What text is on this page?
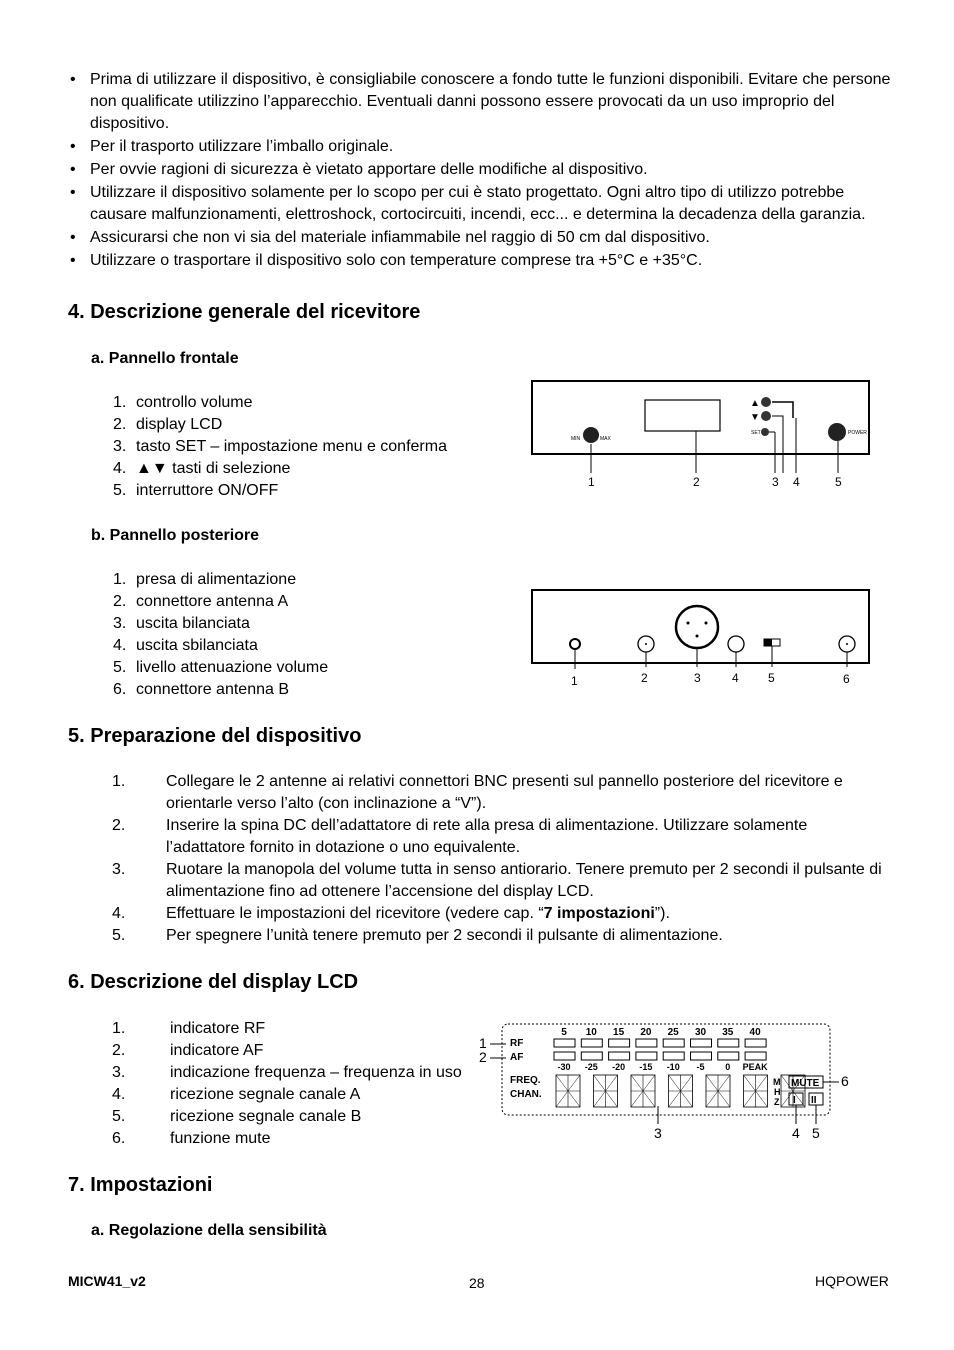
• Prima di utilizzare il dispositivo, è consigliabile conoscere a fondo tutte le funzioni disponibili. Evitare che persone non qualificate utilizzino l’apparecchio. Eventuali danni possono essere provocati da un uso improprio del dispositivo.
• Per il trasporto utilizzare l’imballo originale.
• Per ovvie ragioni di sicurezza è vietato apportare delle modifiche al dispositivo.
• Utilizzare il dispositivo solamente per lo scopo per cui è stato progettato. Ogni altro tipo di utilizzo potrebbe causare malfunzionamenti, elettroshock, cortocircuiti, incendi, ecc... e determina la decadenza della garanzia.
• Assicurarsi che non vi sia del materiale infiammabile nel raggio di 50 cm dal dispositivo.
• Utilizzare o trasportare il dispositivo solo con temperature comprese tra +5°C e +35°C.
4. Descrizione generale del ricevitore
a. Pannello frontale
1. controllo volume
2. display LCD
3. tasto SET – impostazione menu e conferma
4. ▲▼ tasti di selezione
5. interruttore ON/OFF
MIN	MAX
▲
▼
SET	POWER
1	2	3 4	5
b. Pannello posteriore
1. presa di alimentazione
2. connettore antenna A
3. uscita bilanciata
4. uscita sbilanciata
5. livello attenuazione volume
6. connettore antenna B	1	2	3	4 5	6
5. Preparazione del dispositivo
1.	Collegare le 2 antenne ai relativi connettori BNC presenti sul pannello posteriore del ricevitore e orientarle verso l’alto (con inclinazione a “V”).
2.	Inserire la spina DC dell’adattatore di rete alla presa di alimentazione. Utilizzare solamente l’adattatore fornito in dotazione o uno equivalente.
3.	Ruotare la manopola del volume tutta in senso antiorario. Tenere premuto per 2 secondi il pulsante di alimentazione fino ad ottenere l’accensione del display LCD.
4.	Effettuare le impostazioni del ricevitore (vedere cap. “7 impostazioni”).
5.	Per spegnere l’unità tenere premuto per 2 secondi il pulsante di alimentazione.
6. Descrizione del display LCD
1.	indicatore RF
2.	indicatore AF
3.	indicazione frequenza – frequenza in uso
4.	ricezione segnale canale A
5.	ricezione segnale canale B
6.	funzione mute
1
2
RF
AF
5 10 15 20 25 30 35 40
-30 -25 -20 -15 -10 -5 0 PEAK
FREQ.
CHAN.
M
H
Z
MUTE 6
I II
3	4 5
7. Impostazioni
a. Regolazione della sensibilità
MICW41_v2	28	HQPOWER
